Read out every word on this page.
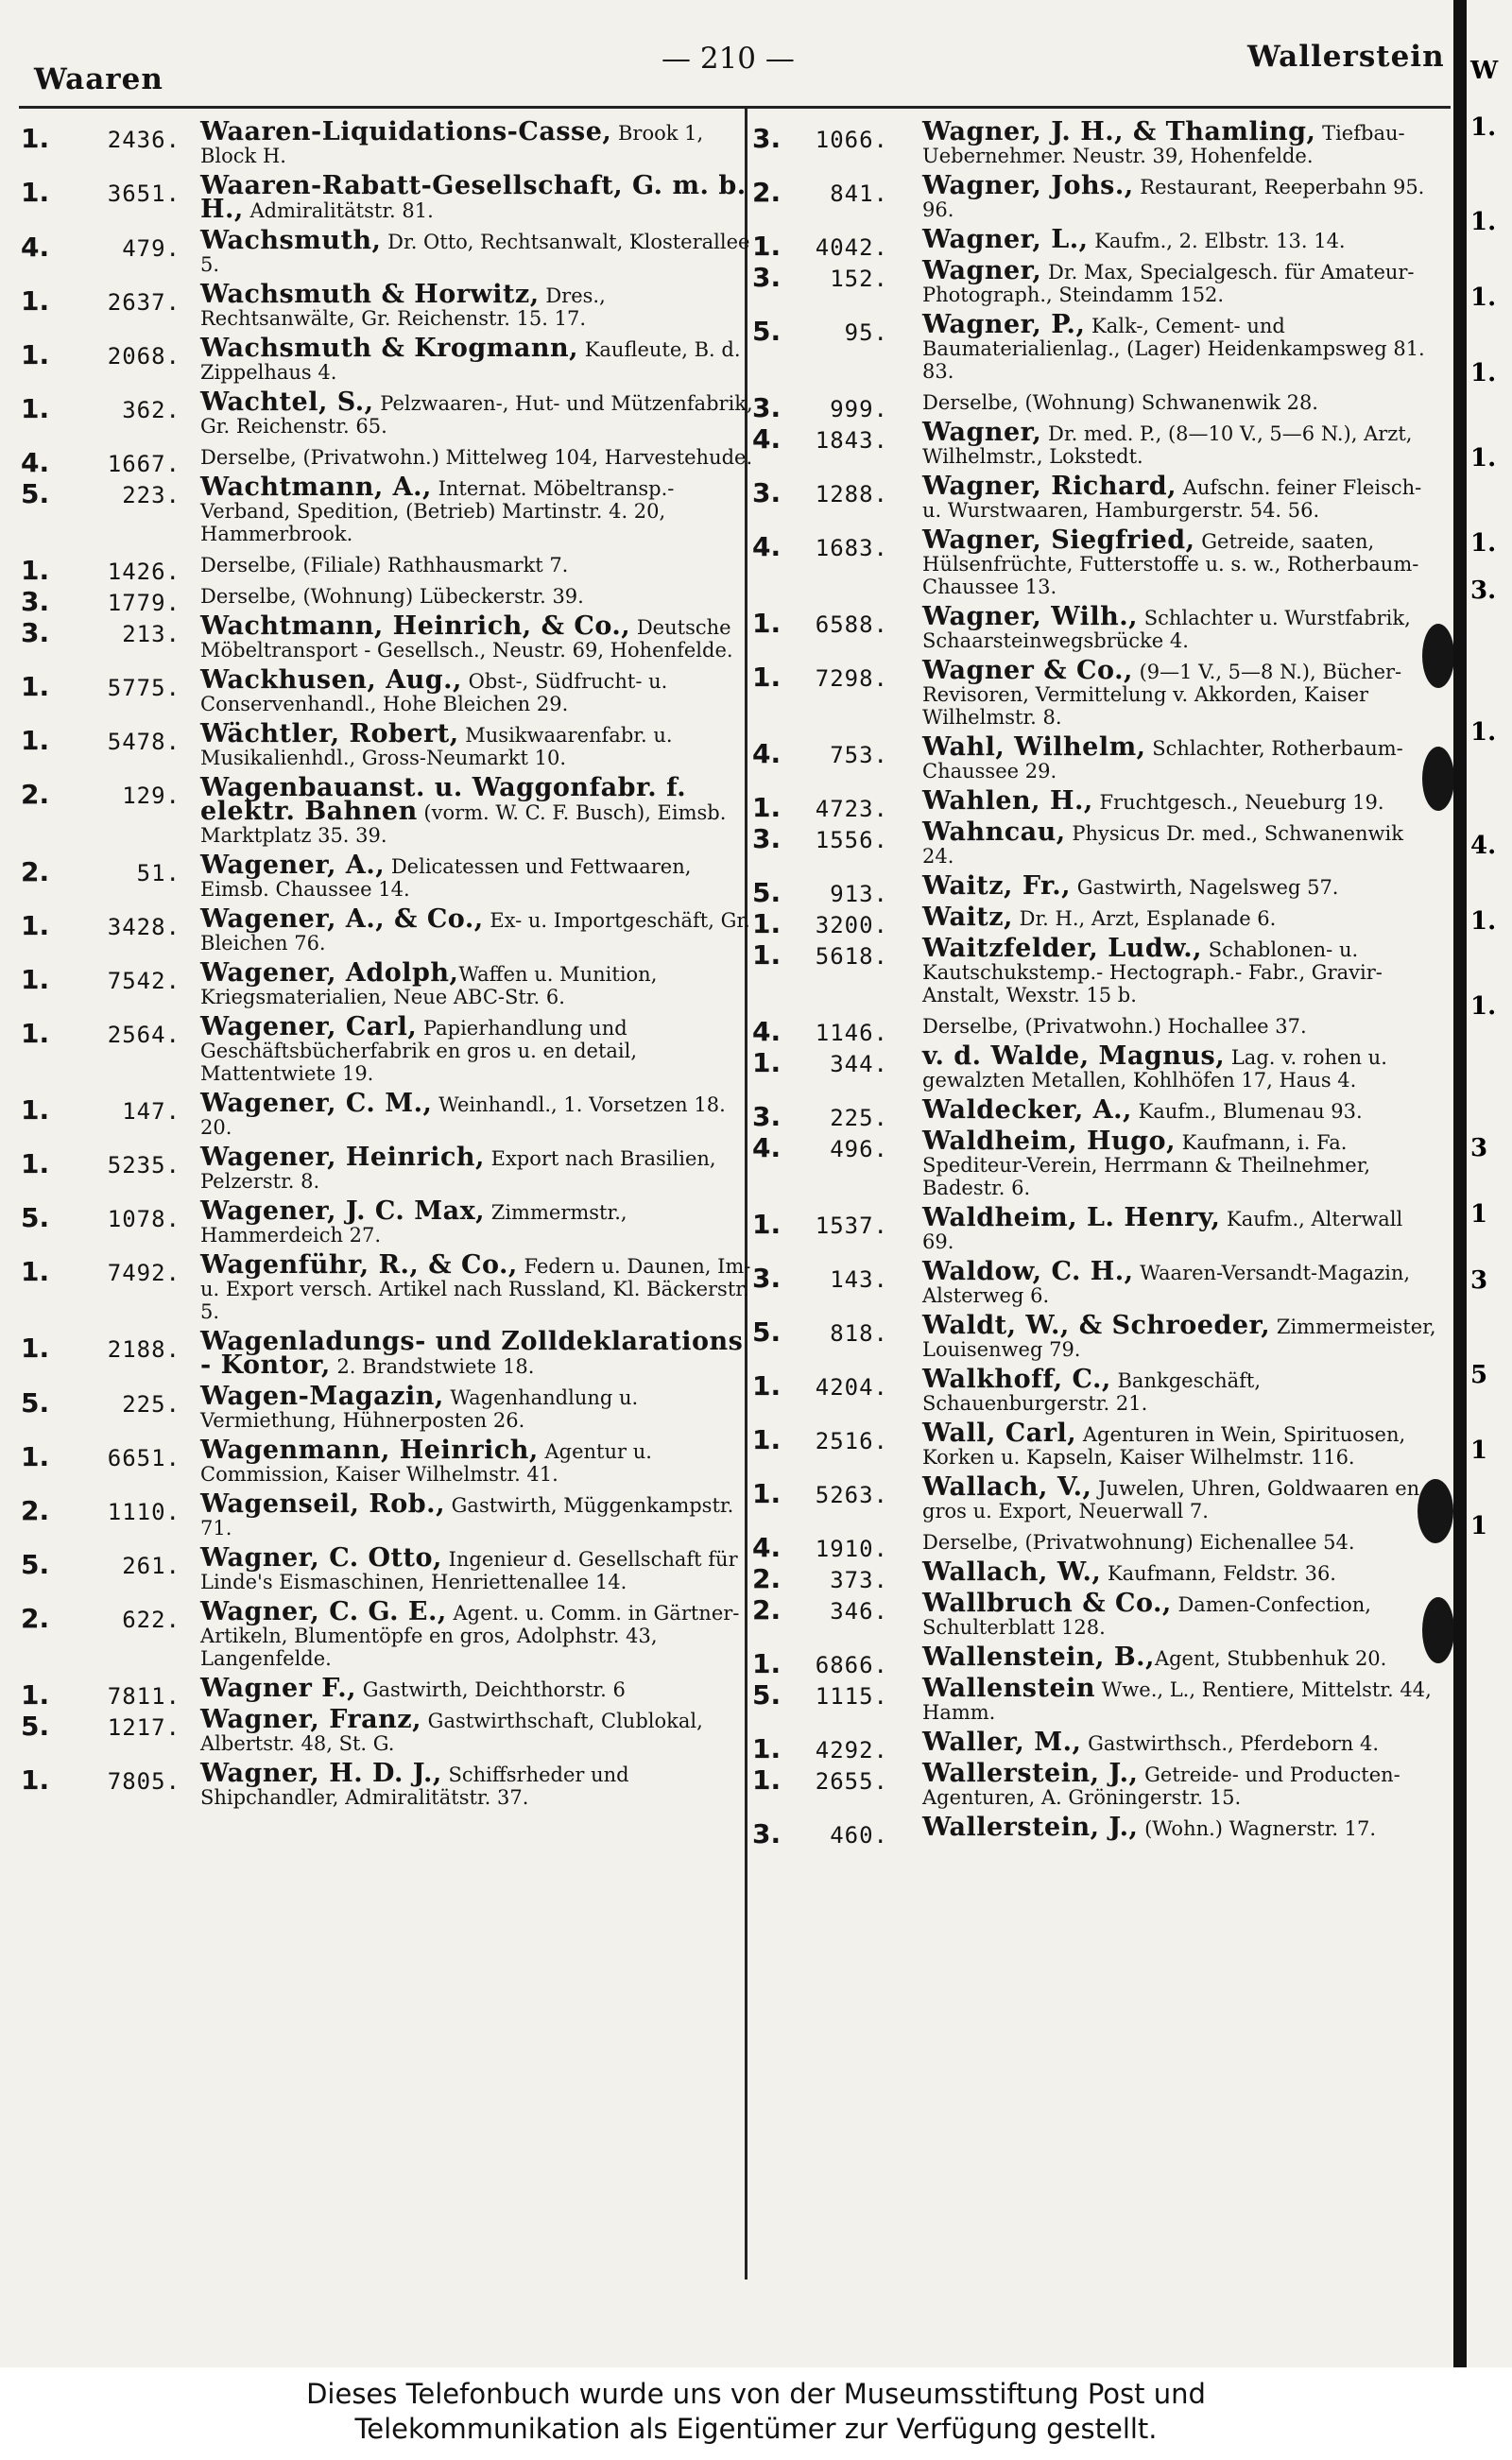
Waaren
— 210 —	Wallerstein
1.	2436. Waaren-Liquidations-Casse, Brook 1, Block H.
1.	3651. Waaren-Rabatt-Gesellschaft, G. m. b. H., Admiralitätstr. 81.
4.	479. Wachsmuth, Dr. Otto, Rechtsanwalt, Klosterallee 5.
1.	2637. Wachsmuth & Horwitz, Dres., Rechtsanwälte, Gr. Reichenstr. 15. 17.
1.	2068. Wachsmuth & Krogmann, Kaufleute, B. d. Zippelhaus 4.
1.	362. Wachtel, S., Pelzwaaren-, Hut- und Mützenfabrik, Gr. Reichenstr. 65.
4.	1667. Derselbe, (Privatwohn.) Mittelweg 104, Harvestehude.
5.	223. Wachtmann, A., Internat. Möbeltransp.-Verband, Spedition, (Betrieb) Martinstr. 4. 20, Hammerbrook.
1.	1426. Derselbe, (Filiale) Rathhausmarkt 7.
3.	1779. Derselbe, (Wohnung) Lübeckerstr. 39.
3.	213. Wachtmann, Heinrich, & Co., Deutsche Möbeltransport - Gesellsch., Neustr. 69, Hohenfelde.
1.	5775. Wackhusen, Aug., Obst-, Südfrucht- u. Conservenhandl., Hohe Bleichen 29.
1.	5478. Wächtler, Robert, Musikwaarenfabr. u. Musikalienhdl., Gross-Neumarkt 10.
2.	129. Wagenbauanst. u. Waggonfabr. f. elektr. Bahnen (vorm. W. C. F. Busch), Eimsb. Marktplatz 35. 39.
2.	51. Wagener, A., Delicatessen und Fettwaaren, Eimsb. Chaussee 14.
1.	3428. Wagener, A., & Co., Ex- u. Importgeschäft, Gr. Bleichen 76.
1.	7542. Wagener, Adolph,Waffen u. Munition, Kriegsmaterialien, Neue ABC-Str. 6.
1.	2564. Wagener, Carl, Papierhandlung und Geschäftsbücherfabrik en gros u. en detail, Mattentwiete 19.
1.	147. Wagener, C. M., Weinhandl., 1. Vorsetzen 18. 20.
1.	5235. Wagener, Heinrich, Export nach Brasilien, Pelzerstr. 8.
5.	1078. Wagener, J. C. Max, Zimmermstr., Hammerdeich 27.
1.	7492. Wagenführ, R., & Co., Federn u. Daunen, Im- u. Export versch. Artikel nach Russland, Kl. Bäckerstr. 5.
1.	2188. Wagenladungs- und Zolldeklarations - Kontor, 2. Brandstwiete 18.
5.	225. Wagen-Magazin, Wagenhandlung u. Vermiethung, Hühnerposten 26.
1.	6651. Wagenmann, Heinrich, Agentur u. Commission, Kaiser Wilhelmstr. 41.
2.	1110. Wagenseil, Rob., Gastwirth, Müggenkampstr. 71.
5.	261. Wagner, C. Otto, Ingenieur d. Gesellschaft für Linde's Eismaschinen, Henriettenallee 14.
2.	622. Wagner, C. G. E., Agent. u. Comm. in Gärtner-Artikeln, Blumentöpfe en gros, Adolphstr. 43, Langenfelde.
1.	7811. Wagner F., Gastwirth, Deichthorstr. 6
5.	1217. Wagner, Franz, Gastwirthschaft, Clublokal, Albertstr. 48, St. G.
1.	7805. Wagner, H. D. J., Schiffsrheder und Shipchandler, Admiralitätstr. 37.
3.	1066. Wagner, J. H., & Thamling, Tiefbau-Uebernehmer. Neustr. 39, Hohenfelde.
2.	841. Wagner, Johs., Restaurant, Reeperbahn 95. 96.
1.	4042. Wagner, L., Kaufm., 2. Elbstr. 13. 14.
3.	152. Wagner, Dr. Max, Specialgesch. für Amateur-Photograph., Steindamm 152.
5.	95. Wagner, P., Kalk-, Cement- und Baumaterialienlag., (Lager) Heidenkampsweg 81. 83.
3.	999. Derselbe, (Wohnung) Schwanenwik 28.
4.	1843. Wagner, Dr. med. P., (8—10 V., 5—6 N.), Arzt, Wilhelmstr., Lokstedt.
3.	1288. Wagner, Richard, Aufschn. feiner Fleisch- u. Wurstwaaren, Hamburgerstr. 54. 56.
4.	1683. Wagner, Siegfried, Getreide, saaten, Hülsenfrüchte, Futterstoffe u. s. w., Rotherbaum-Chaussee 13.
1.	6588. Wagner, Wilh., Schlachter u. Wurstfabrik, Schaarsteinwegsbrücke 4.
1.	7298. Wagner & Co., (9—1 V., 5—8 N.), Bücher-Revisoren, Vermittelung v. Akkorden, Kaiser Wilhelmstr. 8.
4.	753. Wahl, Wilhelm, Schlachter, Rotherbaum-Chaussee 29.
1.	4723. Wahlen, H., Fruchtgesch., Neueburg 19.
3.	1556. Wahncau, Physicus Dr. med., Schwanenwik 24.
5.	913. Waitz, Fr., Gastwirth, Nagelsweg 57.
1.	3200. Waitz, Dr. H., Arzt, Esplanade 6.
1.	5618. Waitzfelder, Ludw., Schablonen- u. Kautschukstemp.- Hectograph.- Fabr., Gravir-Anstalt, Wexstr. 15 b.
4.	1146. Derselbe, (Privatwohn.) Hochallee 37.
1.	344. v. d. Walde, Magnus, Lag. v. rohen u. gewalzten Metallen, Kohlhöfen 17, Haus 4.
3.	225. Waldecker, A., Kaufm., Blumenau 93.
4.	496. Waldheim, Hugo, Kaufmann, i. Fa. Spediteur-Verein, Herrmann & Theilnehmer, Badestr. 6.
1.	1537. Waldheim, L. Henry, Kaufm., Alterwall 69.
3.	143. Waldow, C. H., Waaren-Versandt-Magazin, Alsterweg 6.
5.	818. Waldt, W., & Schroeder, Zimmermeister, Louisenweg 79.
1.	4204. Walkhoff, C., Bankgeschäft, Schauenburgerstr. 21.
1.	2516. Wall, Carl, Agenturen in Wein, Spirituosen, Korken u. Kapseln, Kaiser Wilhelmstr. 116.
1.	5263. Wallach, V., Juwelen, Uhren, Goldwaaren en gros u. Export, Neuerwall 7.
4.	1910. Derselbe, (Privatwohnung) Eichenallee 54.
2.	373. Wallach, W., Kaufmann, Feldstr. 36.
2.	346. Wallbruch & Co., Damen-Confection, Schulterblatt 128.
1.	6866. Wallenstein, B.,Agent, Stubbenhuk 20.
5.	1115. Wallenstein Wwe., L., Rentiere, Mittelstr. 44, Hamm.
1.	4292. Waller, M., Gastwirthsch., Pferdeborn 4.
1.	2655. Wallerstein, J., Getreide- und Producten-Agenturen, A. Gröningerstr. 15.
3.	460. Wallerstein, J., (Wohn.) Wagnerstr. 17.
W
1.
1.
1.
1.
1.
1.
3.
1.
4.
1.
1.
3
1
3
5
1
1
Dieses Telefonbuch wurde uns von der Museumsstiftung Post und
Telekommunikation als Eigentümer zur Verfügung gestellt.
